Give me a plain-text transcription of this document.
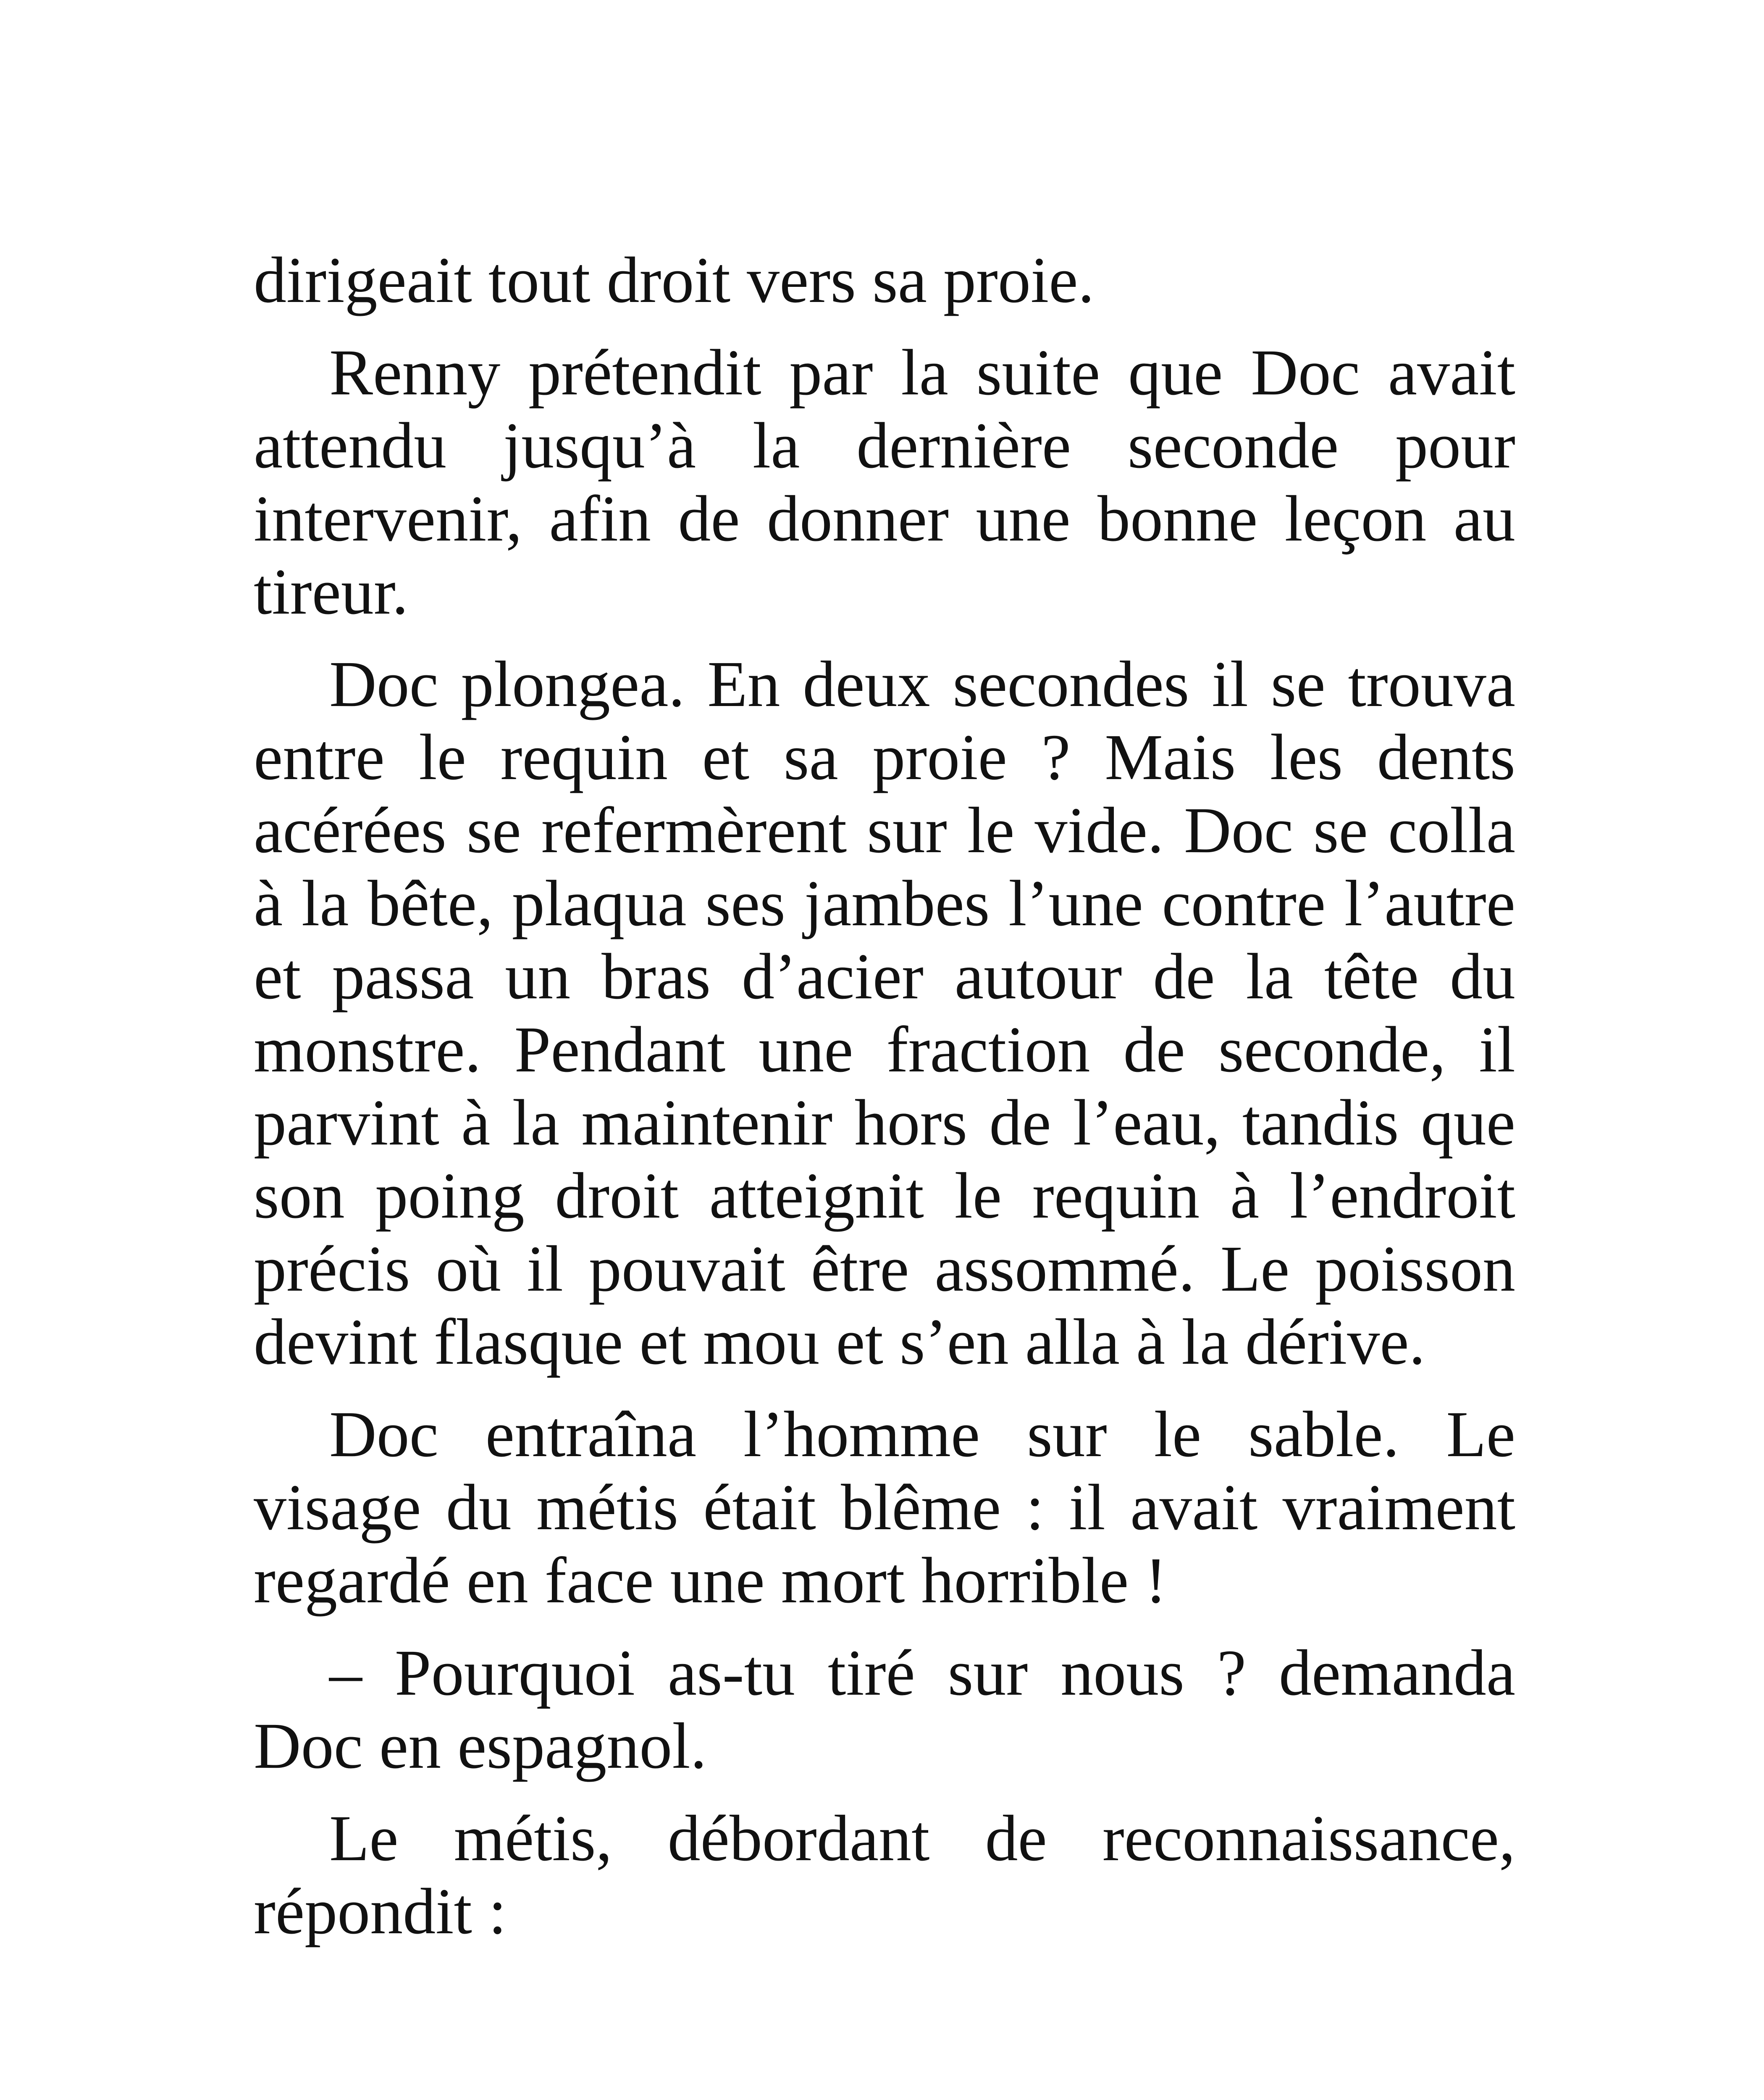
dirigeait tout droit vers sa proie.

Renny prétendit par la suite que Doc avait attendu jusqu’à la dernière seconde pour intervenir, afin de donner une bonne leçon au tireur.

Doc plongea. En deux secondes il se trouva entre le requin et sa proie ? Mais les dents acérées se refermèrent sur le vide. Doc se colla à la bête, plaqua ses jambes l’une contre l’autre et passa un bras d’acier autour de la tête du monstre. Pendant une fraction de seconde, il parvint à la maintenir hors de l’eau, tandis que son poing droit atteignit le requin à l’endroit précis où il pouvait être assommé. Le poisson devint flasque et mou et s’en alla à la dérive.

Doc entraîna l’homme sur le sable. Le visage du métis était blême : il avait vraiment regardé en face une mort horrible !

– Pourquoi as-tu tiré sur nous ? demanda Doc en espagnol.

Le métis, débordant de reconnaissance, répondit :
